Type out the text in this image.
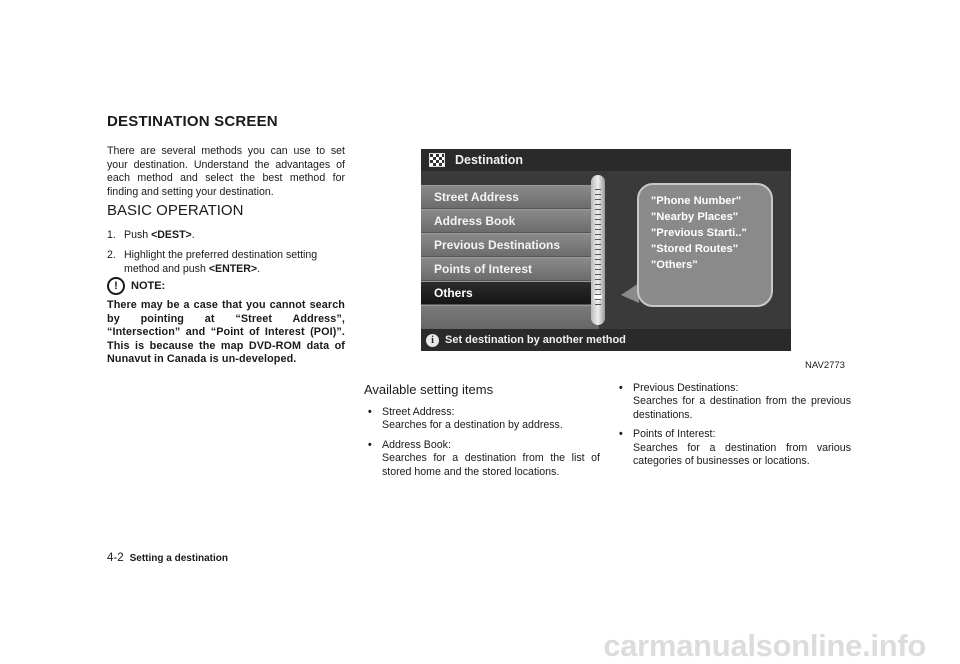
DESTINATION SCREEN
There are several methods you can use to set your destination. Understand the advantages of each method and select the best method for finding and setting your destination.
BASIC OPERATION
1. Push <DEST>.
2. Highlight the preferred destination setting method and push <ENTER>.
!	NOTE:
There may be a case that you cannot search by pointing at “Street Address”, “Intersection” and “Point of Interest (POI)”. This is because the map DVD-ROM data of Nunavut in Canada is un-developed.
Destination
Street Address
Address Book
Previous Destinations
Points of Interest
Others
"Phone Number"
"Nearby Places"
"Previous Starti.."
"Stored Routes"
"Others"
i	Set destination by another method
NAV2773
Available setting items
• Street Address:
Searches for a destination by address.
• Address Book:
Searches for a destination from the list of stored home and the stored locations.
• Previous Destinations:
Searches for a destination from the previous destinations.
• Points of Interest:
Searches for a destination from various categories of businesses or locations.
4-2 Setting a destination
carmanualsonline.info
